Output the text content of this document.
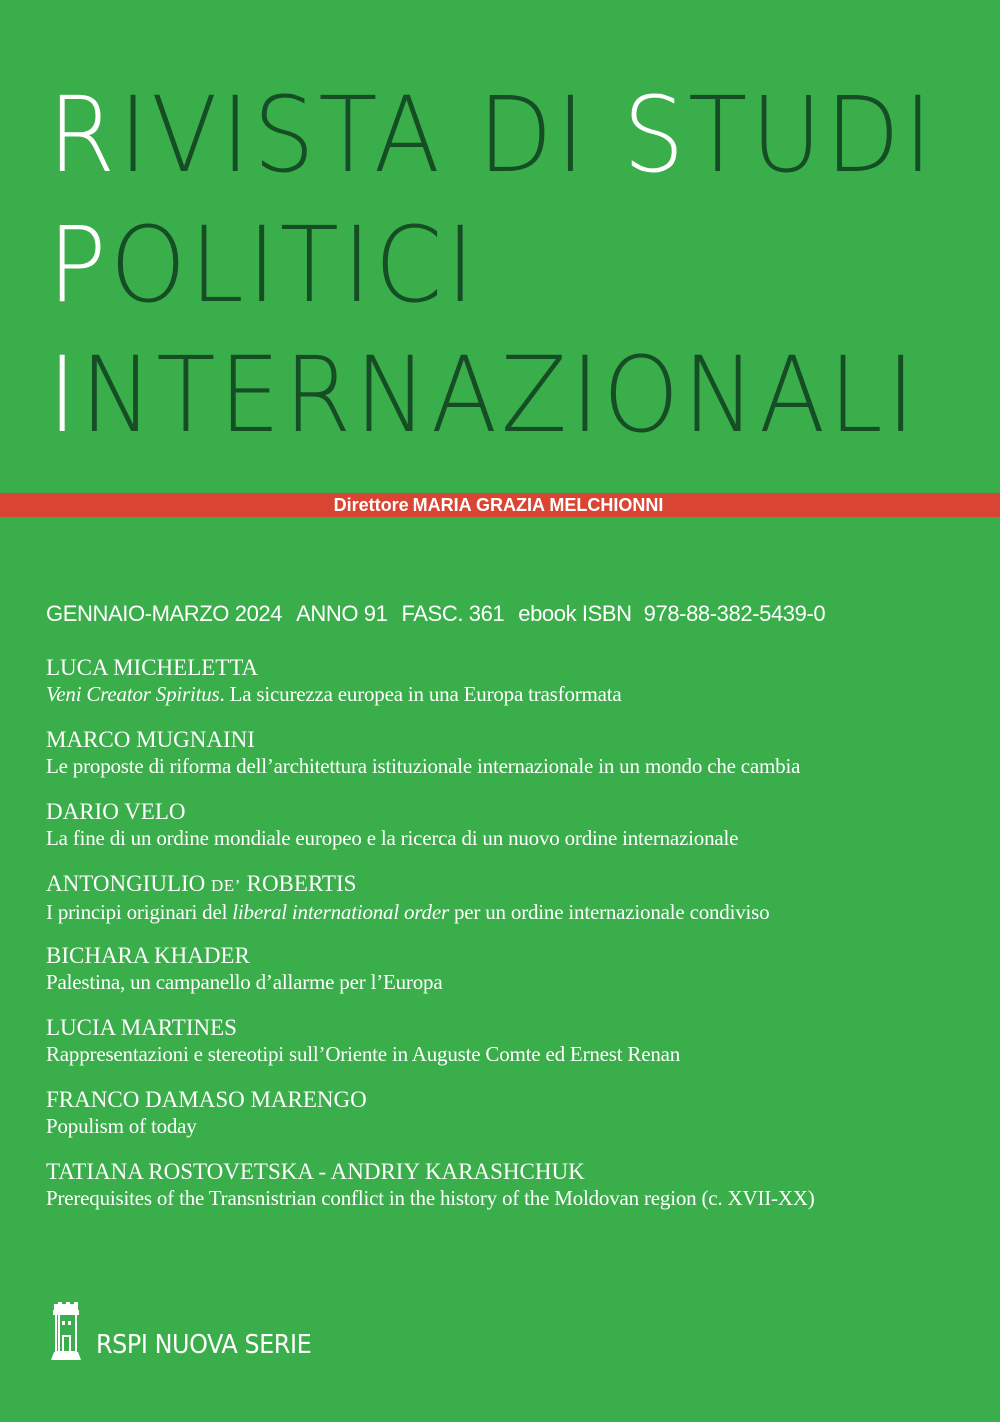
RIVISTA DI STUDI
POLITICI
INTERNAZIONALI
Direttore MARIA GRAZIA MELCHIONNI
GENNAIO-MARZO 2024 ANNO 91 FASC. 361 ebook ISBN 978-88-382-5439-0
LUCA MICHELETTA
Veni Creator Spiritus. La sicurezza europea in una Europa trasformata
MARCO MUGNAINI
Le proposte di riforma dell’architettura istituzionale internazionale in un mondo che cambia
DARIO VELO
La fine di un ordine mondiale europeo e la ricerca di un nuovo ordine internazionale
ANTONGIULIO DE’ ROBERTIS
I principi originari del liberal international order per un ordine internazionale condiviso
BICHARA KHADER
Palestina, un campanello d’allarme per l’Europa
LUCIA MARTINES
Rappresentazioni e stereotipi sull’Oriente in Auguste Comte ed Ernest Renan
FRANCO DAMASO MARENGO
Populism of today
TATIANA ROSTOVETSKA - ANDRIY KARASHCHUK
Prerequisites of the Transnistrian conflict in the history of the Moldovan region (c. XVII-XX)
RSPI NUOVA SERIE
